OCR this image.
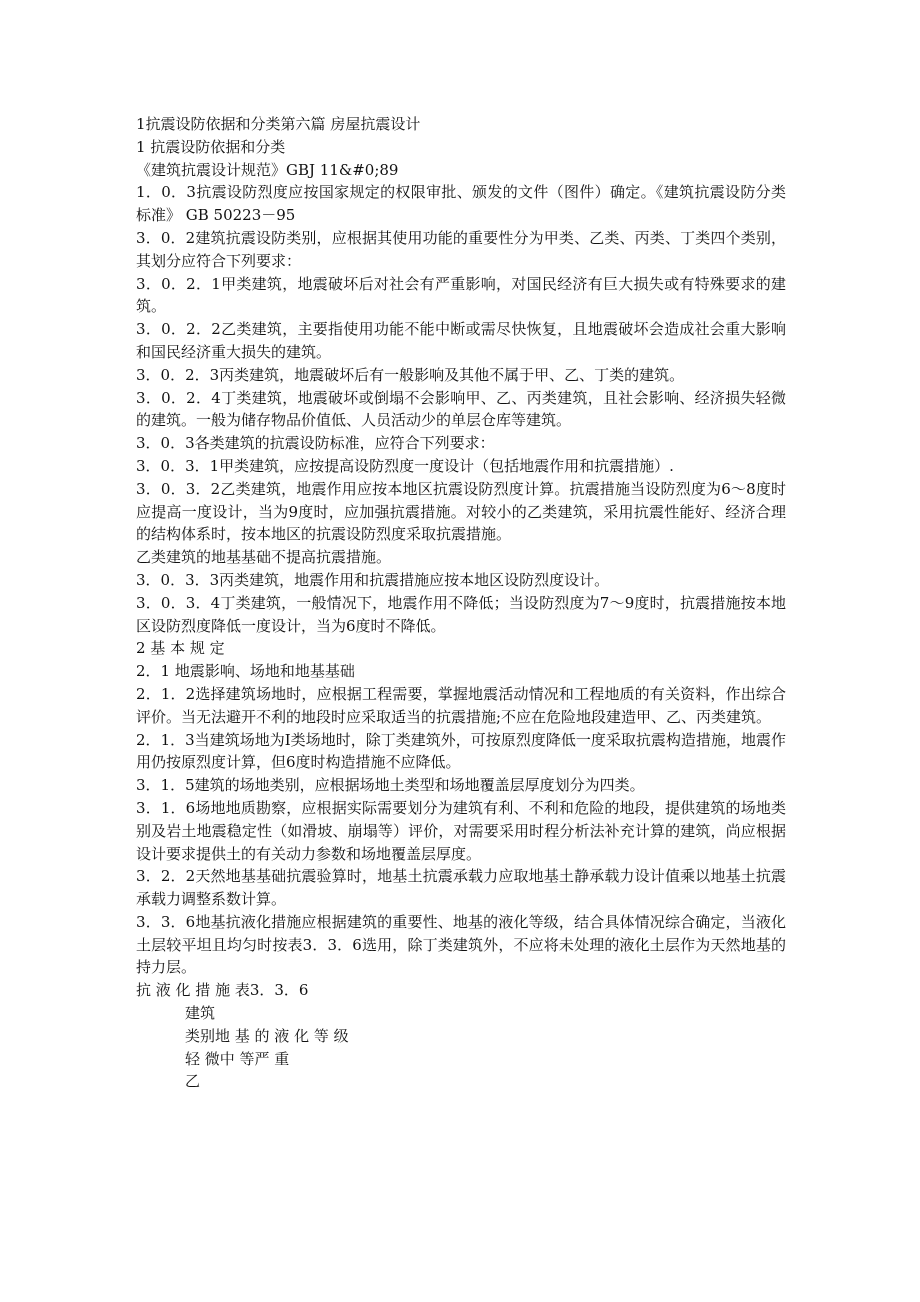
1抗震设防依据和分类第六篇 房屋抗震设计

1 抗震设防依据和分类

《建筑抗震设计规范》GBJ 11&#0;89

1．0．3抗震设防烈度应按国家规定的权限审批、颁发的文件（图件）确定。《建筑抗震设防分类标准》 GB 50223－95

3．0．2建筑抗震设防类别，应根据其使用功能的重要性分为甲类、乙类、丙类、丁类四个类别，其划分应符合下列要求：

3．0．2．1甲类建筑，地震破坏后对社会有严重影响，对国民经济有巨大损失或有特殊要求的建筑。

3．0．2．2乙类建筑，主要指使用功能不能中断或需尽快恢复，且地震破坏会造成社会重大影响和国民经济重大损失的建筑。

3．0．2．3丙类建筑，地震破坏后有一般影响及其他不属于甲、乙、丁类的建筑。

3．0．2．4丁类建筑，地震破坏或倒塌不会影响甲、乙、丙类建筑，且社会影响、经济损失轻微的建筑。一般为储存物品价值低、人员活动少的单层仓库等建筑。

3．0．3各类建筑的抗震设防标准，应符合下列要求：

3．0．3．1甲类建筑，应按提高设防烈度一度设计（包括地震作用和抗震措施）.

3．0．3．2乙类建筑，地震作用应按本地区抗震设防烈度计算。抗震措施当设防烈度为6～8度时应提高一度设计，当为9度时，应加强抗震措施。对较小的乙类建筑，采用抗震性能好、经济合理的结构体系时，按本地区的抗震设防烈度采取抗震措施。

乙类建筑的地基基础不提高抗震措施。

3．0．3．3丙类建筑，地震作用和抗震措施应按本地区设防烈度设计。

3．0．3．4丁类建筑，一般情况下，地震作用不降低；当设防烈度为7～9度时，抗震措施按本地区设防烈度降低一度设计，当为6度时不降低。

2 基 本 规 定

2．1 地震影响、场地和地基基础

2．1．2选择建筑场地时，应根据工程需要，掌握地震活动情况和工程地质的有关资料，作出综合评价。当无法避开不利的地段时应采取适当的抗震措施;不应在危险地段建造甲、乙、丙类建筑。

2．1．3当建筑场地为Ⅰ类场地时，除丁类建筑外，可按原烈度降低一度采取抗震构造措施，地震作用仍按原烈度计算，但6度时构造措施不应降低。

3．1．5建筑的场地类别，应根据场地土类型和场地覆盖层厚度划分为四类。

3．1．6场地地质勘察，应根据实际需要划分为建筑有利、不利和危险的地段，提供建筑的场地类别及岩土地震稳定性（如滑坡、崩塌等）评价，对需要采用时程分析法补充计算的建筑，尚应根据设计要求提供土的有关动力参数和场地覆盖层厚度。

3．2．2天然地基基础抗震验算时，地基土抗震承载力应取地基土静承载力设计值乘以地基土抗震承载力调整系数计算。

3．3．6地基抗液化措施应根据建筑的重要性、地基的液化等级，结合具体情况综合确定，当液化土层较平坦且均匀时按表3．3．6选用，除丁类建筑外，不应将未处理的液化土层作为天然地基的持力层。

抗 液 化 措 施 表3．3．6

建筑

类别地 基 的 液 化 等 级

轻 微中 等严 重

乙
